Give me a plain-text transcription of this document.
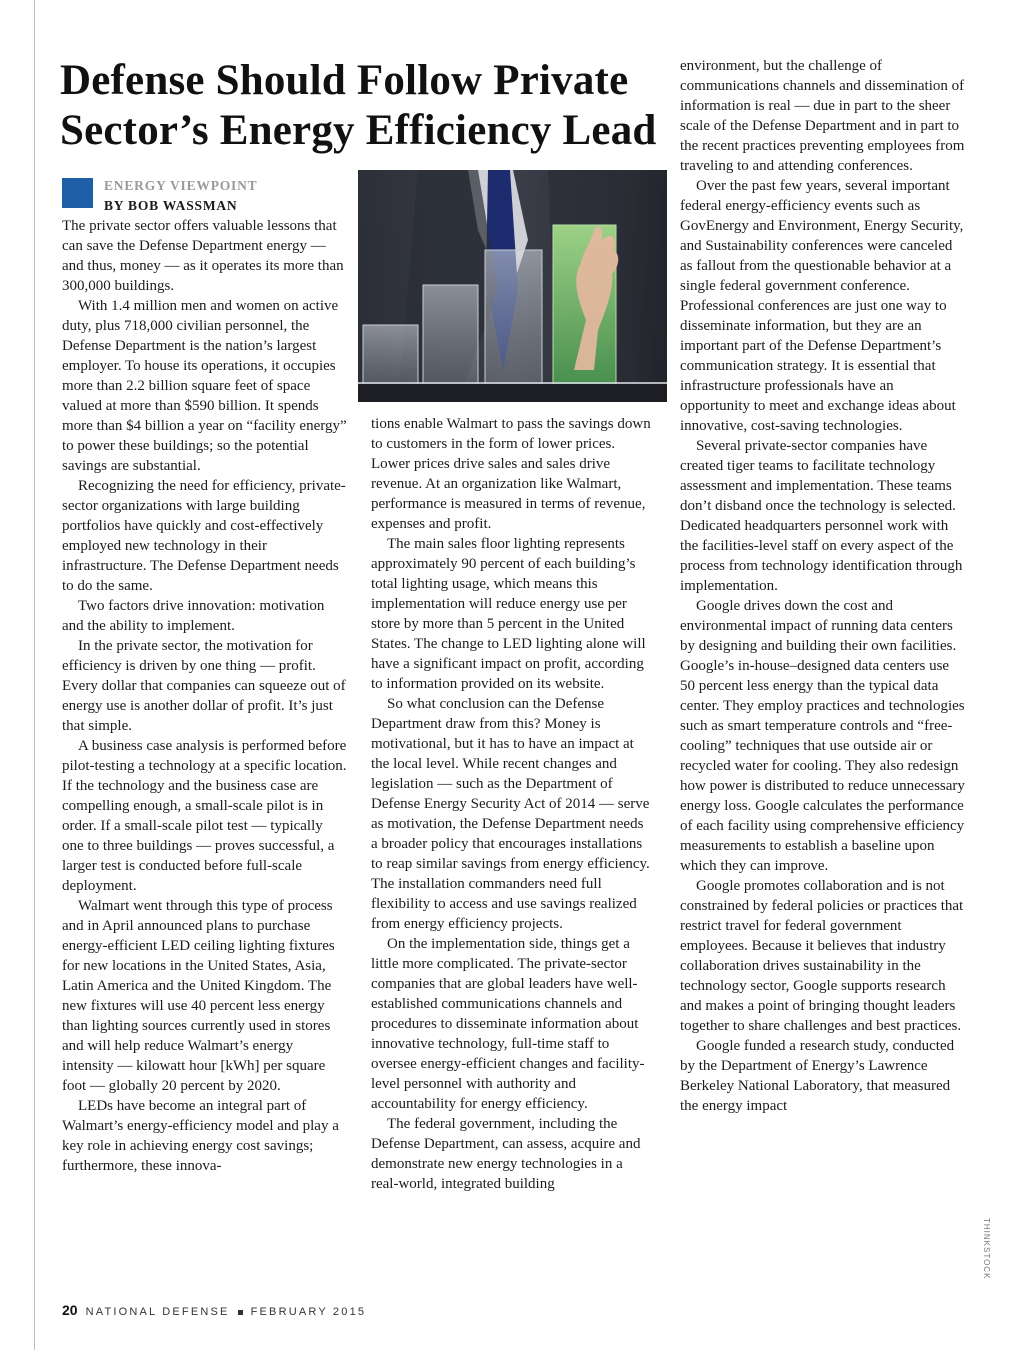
Defense Should Follow Private
Sector’s Energy Efficiency Lead
ENERGY VIEWPOINT
BY BOB WASSMAN

The private sector offers valuable lessons that can save the Defense Department energy — and thus, money — as it operates its more than 300,000 buildings.

With 1.4 million men and women on active duty, plus 718,000 civilian personnel, the Defense Department is the nation’s largest employer. To house its operations, it occupies more than 2.2 billion square feet of space valued at more than $590 billion. It spends more than $4 billion a year on “facility energy” to power these buildings; so the potential savings are substantial.

Recognizing the need for efficiency, private-sector organizations with large building portfolios have quickly and cost-effectively employed new technology in their infrastructure. The Defense Department needs to do the same.

Two factors drive innovation: motivation and the ability to implement.

In the private sector, the motivation for efficiency is driven by one thing — profit. Every dollar that companies can squeeze out of energy use is another dollar of profit. It’s just that simple.

A business case analysis is performed before pilot-testing a technology at a specific location. If the technology and the business case are compelling enough, a small-scale pilot is in order. If a small-scale pilot test — typically one to three buildings — proves successful, a larger test is conducted before full-scale deployment.

Walmart went through this type of process and in April announced plans to purchase energy-efficient LED ceiling lighting fixtures for new locations in the United States, Asia, Latin America and the United Kingdom. The new fixtures will use 40 percent less energy than lighting sources currently used in stores and will help reduce Walmart’s energy intensity — kilowatt hour [kWh] per square foot — globally 20 percent by 2020.

LEDs have become an integral part of Walmart’s energy-efficiency model and play a key role in achieving energy cost savings; furthermore, these innova-

tions enable Walmart to pass the savings down to customers in the form of lower prices. Lower prices drive sales and sales drive revenue. At an organization like Walmart, performance is measured in terms of revenue, expenses and profit.

The main sales floor lighting represents approximately 90 percent of each building’s total lighting usage, which means this implementation will reduce energy use per store by more than 5 percent in the United States. The change to LED lighting alone will have a significant impact on profit, according to information provided on its website.

So what conclusion can the Defense Department draw from this? Money is motivational, but it has to have an impact at the local level. While recent changes and legislation — such as the Department of Defense Energy Security Act of 2014 — serve as motivation, the Defense Department needs a broader policy that encourages installations to reap similar savings from energy efficiency. The installation commanders need full flexibility to access and use savings realized from energy efficiency projects.

On the implementation side, things get a little more complicated. The private-sector companies that are global leaders have well-established communications channels and procedures to disseminate information about innovative technology, full-time staff to oversee energy-efficient changes and facility-level personnel with authority and accountability for energy efficiency.

The federal government, including the Defense Department, can assess, acquire and demonstrate new energy technologies in a real-world, integrated building

environment, but the challenge of communications channels and dissemination of information is real — due in part to the sheer scale of the Defense Department and in part to the recent practices preventing employees from traveling to and attending conferences.

Over the past few years, several important federal energy-efficiency events such as GovEnergy and Environment, Energy Security, and Sustainability conferences were canceled as fallout from the questionable behavior at a single federal government conference. Professional conferences are just one way to disseminate information, but they are an important part of the Defense Department’s communication strategy. It is essential that infrastructure professionals have an opportunity to meet and exchange ideas about innovative, cost-saving technologies.

Several private-sector companies have created tiger teams to facilitate technology assessment and implementation. These teams don’t disband once the technology is selected. Dedicated headquarters personnel work with the facilities-level staff on every aspect of the process from technology identification through implementation.

Google drives down the cost and environmental impact of running data centers by designing and building their own facilities. Google’s in-house–designed data centers use 50 percent less energy than the typical data center. They employ practices and technologies such as smart temperature controls and “free-cooling” techniques that use outside air or recycled water for cooling. They also redesign how power is distributed to reduce unnecessary energy loss. Google calculates the performance of each facility using comprehensive efficiency measurements to establish a baseline upon which they can improve.

Google promotes collaboration and is not constrained by federal policies or practices that restrict travel for federal government employees. Because it believes that industry collaboration drives sustainability in the technology sector, Google supports research and makes a point of bringing thought leaders together to share challenges and best practices.

Google funded a research study, conducted by the Department of Energy’s Lawrence Berkeley National Laboratory, that measured the energy impact

THINKSTOCK
20 NATIONAL DEFENSE FEBRUARY 2015
